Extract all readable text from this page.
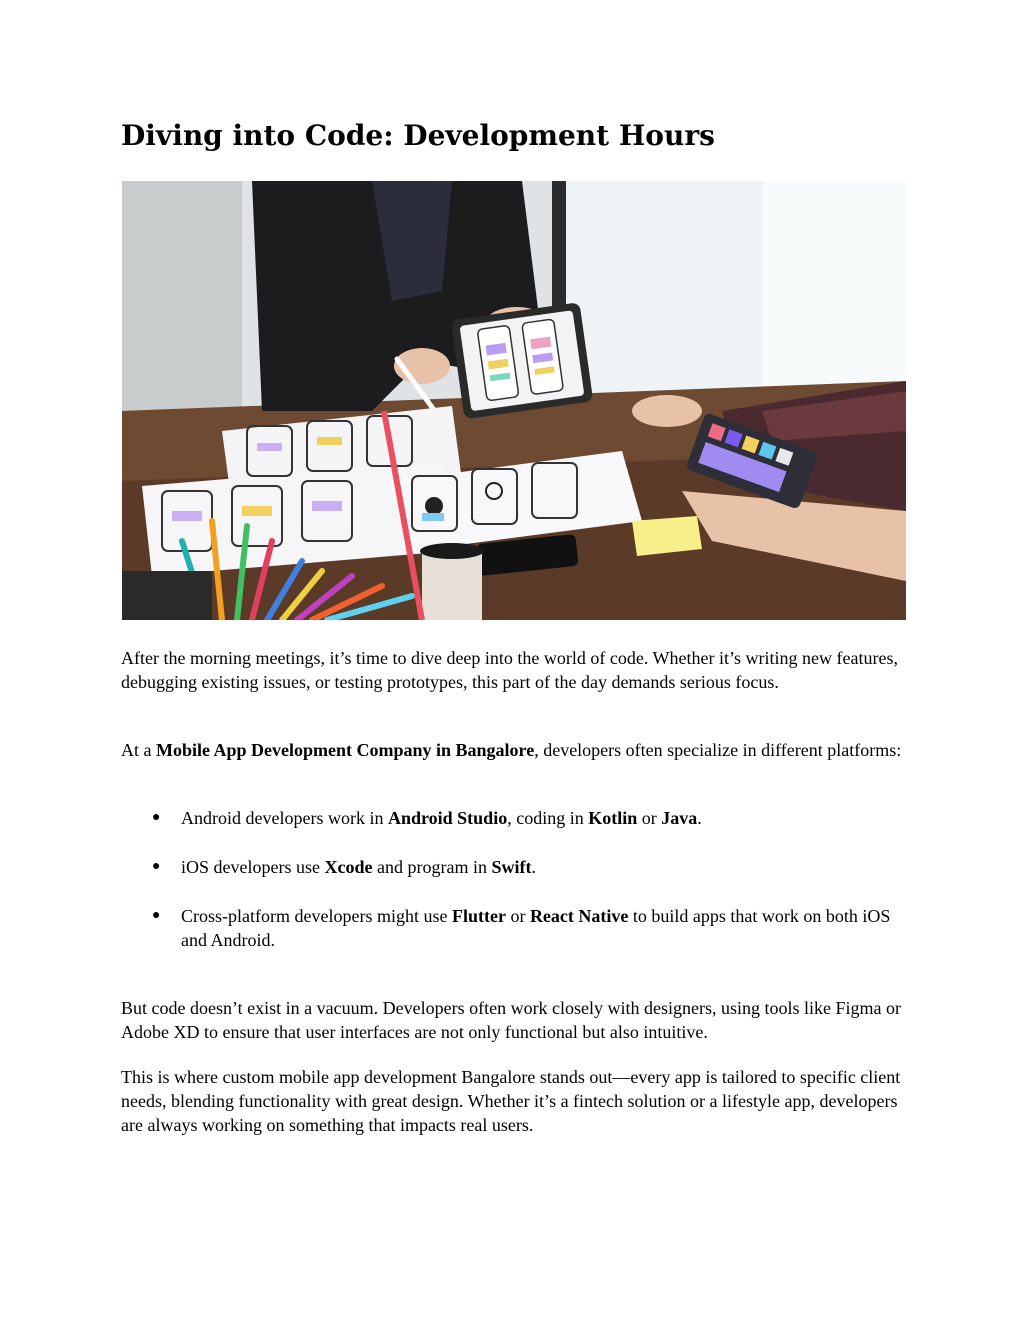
Diving into Code: Development Hours

After the morning meetings, it’s time to dive deep into the world of code. Whether it’s writing new features, debugging existing issues, or testing prototypes, this part of the day demands serious focus.

At a Mobile App Development Company in Bangalore, developers often specialize in different platforms:

● Android developers work in Android Studio, coding in Kotlin or Java.
● iOS developers use Xcode and program in Swift.
● Cross-platform developers might use Flutter or React Native to build apps that work on both iOS and Android.

But code doesn’t exist in a vacuum. Developers often work closely with designers, using tools like Figma or Adobe XD to ensure that user interfaces are not only functional but also intuitive.

This is where custom mobile app development Bangalore stands out—every app is tailored to specific client needs, blending functionality with great design. Whether it’s a fintech solution or a lifestyle app, developers are always working on something that impacts real users.
